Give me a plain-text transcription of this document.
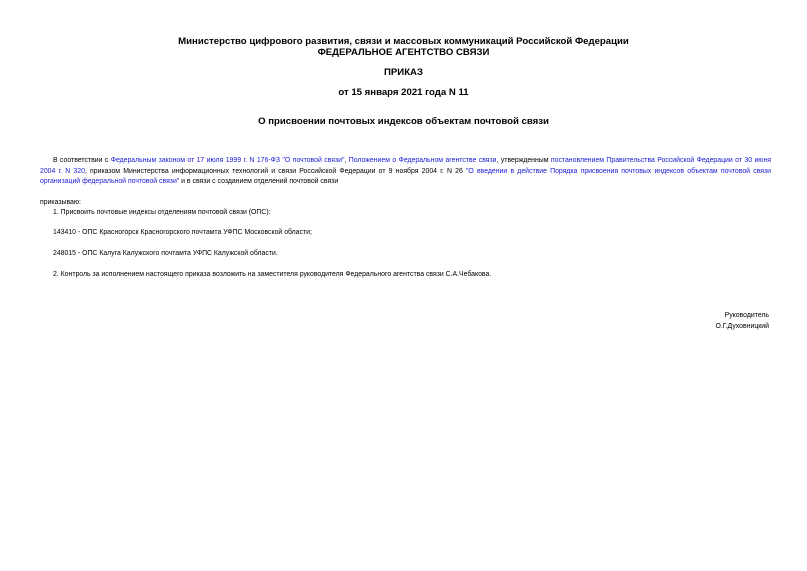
Министерство цифрового развития, связи и массовых коммуникаций Российской Федерации
ФЕДЕРАЛЬНОЕ АГЕНТСТВО СВЯЗИ
ПРИКАЗ
от 15 января 2021 года N 11
О присвоении почтовых индексов объектам почтовой связи
В соответствии с Федеральным законом от 17 июля 1999 г. N 176-ФЗ "О почтовой связи", Положением о Федеральном агентстве связи, утвержденным постановлением Правительства Российской Федерации от 30 июня 2004 г. N 320, приказом Министерства информационных технологий и связи Российской Федерации от 9 ноября 2004 г. N 26 "О введении в действие Порядка присвоения почтовых индексов объектам почтовой связи организаций федеральной почтовой связи" и в связи с созданием отделений почтовой связи
приказываю:
1. Присвоить почтовые индексы отделениям почтовой связи (ОПС):
143410 - ОПС Красногорск Красногорского почтамта УФПС Московской области;
248015 - ОПС Калуга Калужского почтамта УФПС Калужской области.
2. Контроль за исполнением настоящего приказа возложить на заместителя руководителя Федерального агентства связи С.А.Чебакова.
Руководитель
О.Г.Духовницкий
